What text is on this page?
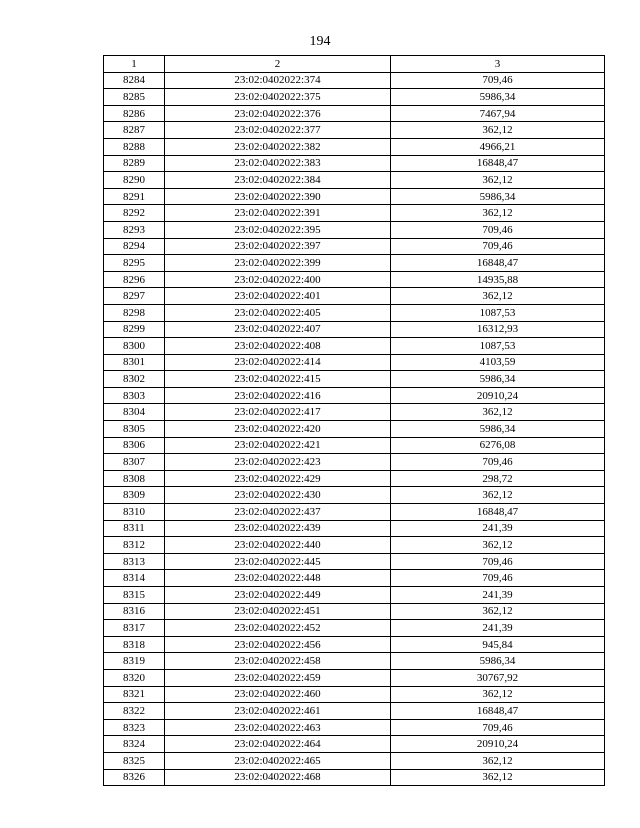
194
1	2	3
8284	23:02:0402022:374	709,46
8285	23:02:0402022:375	5986,34
8286	23:02:0402022:376	7467,94
8287	23:02:0402022:377	362,12
8288	23:02:0402022:382	4966,21
8289	23:02:0402022:383	16848,47
8290	23:02:0402022:384	362,12
8291	23:02:0402022:390	5986,34
8292	23:02:0402022:391	362,12
8293	23:02:0402022:395	709,46
8294	23:02:0402022:397	709,46
8295	23:02:0402022:399	16848,47
8296	23:02:0402022:400	14935,88
8297	23:02:0402022:401	362,12
8298	23:02:0402022:405	1087,53
8299	23:02:0402022:407	16312,93
8300	23:02:0402022:408	1087,53
8301	23:02:0402022:414	4103,59
8302	23:02:0402022:415	5986,34
8303	23:02:0402022:416	20910,24
8304	23:02:0402022:417	362,12
8305	23:02:0402022:420	5986,34
8306	23:02:0402022:421	6276,08
8307	23:02:0402022:423	709,46
8308	23:02:0402022:429	298,72
8309	23:02:0402022:430	362,12
8310	23:02:0402022:437	16848,47
8311	23:02:0402022:439	241,39
8312	23:02:0402022:440	362,12
8313	23:02:0402022:445	709,46
8314	23:02:0402022:448	709,46
8315	23:02:0402022:449	241,39
8316	23:02:0402022:451	362,12
8317	23:02:0402022:452	241,39
8318	23:02:0402022:456	945,84
8319	23:02:0402022:458	5986,34
8320	23:02:0402022:459	30767,92
8321	23:02:0402022:460	362,12
8322	23:02:0402022:461	16848,47
8323	23:02:0402022:463	709,46
8324	23:02:0402022:464	20910,24
8325	23:02:0402022:465	362,12
8326	23:02:0402022:468	362,12
